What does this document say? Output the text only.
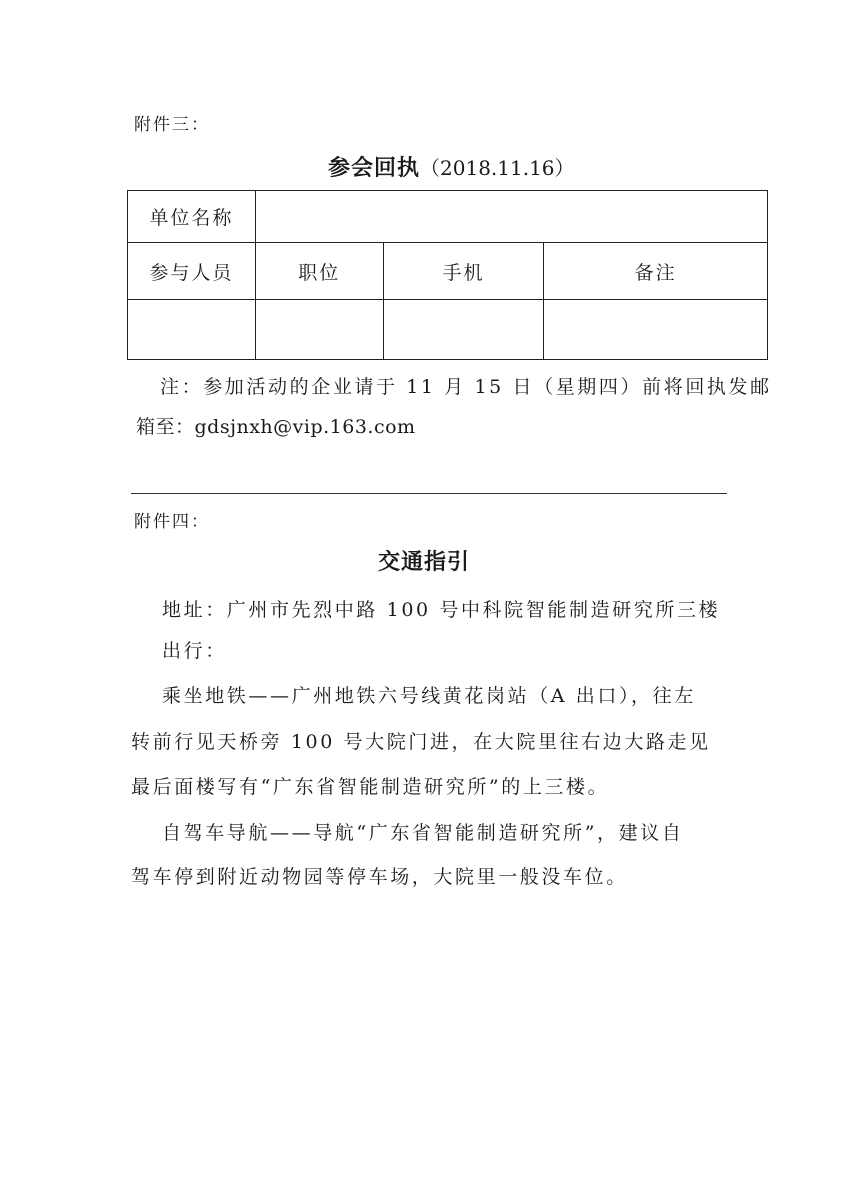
附件三：
参会回执（2018.11.16）
单位名称			
参与人员	职位	手机	备注

注：参加活动的企业请于 11 月 15 日（星期四）前将回执发邮
箱至：gdsjnxh@vip.163.com
附件四：
交通指引
地址：广州市先烈中路 100 号中科院智能制造研究所三楼
出行：
乘坐地铁——广州地铁六号线黄花岗站（A 出口），往左
转前行见天桥旁 100 号大院门进，在大院里往右边大路走见
最后面楼写有“广东省智能制造研究所”的上三楼。
自驾车导航——导航“广东省智能制造研究所”，建议自
驾车停到附近动物园等停车场，大院里一般没车位。
